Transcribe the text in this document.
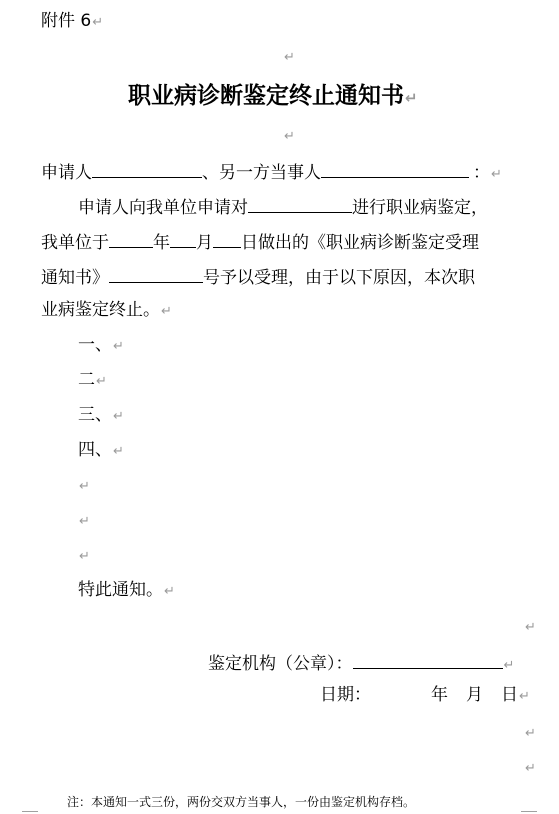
附件 6↵
↵
职业病诊断鉴定终止通知书↵
↵
申请人	、另一方当事人	：↵
申请人向我单位申请对	进行职业病鉴定，
我单位于	年 月 日做出的《职业病诊断鉴定受理
通知书》	号予以受理，由于以下原因，本次职
业病鉴定终止。↵
一、↵
二↵
三、↵
四、↵
↵
↵
↵
特此通知。↵
↵
鉴定机构（公章）：	↵
日期：	年 月 日↵
↵
↵
注：本通知一式三份，两份交双方当事人，一份由鉴定机构存档。
